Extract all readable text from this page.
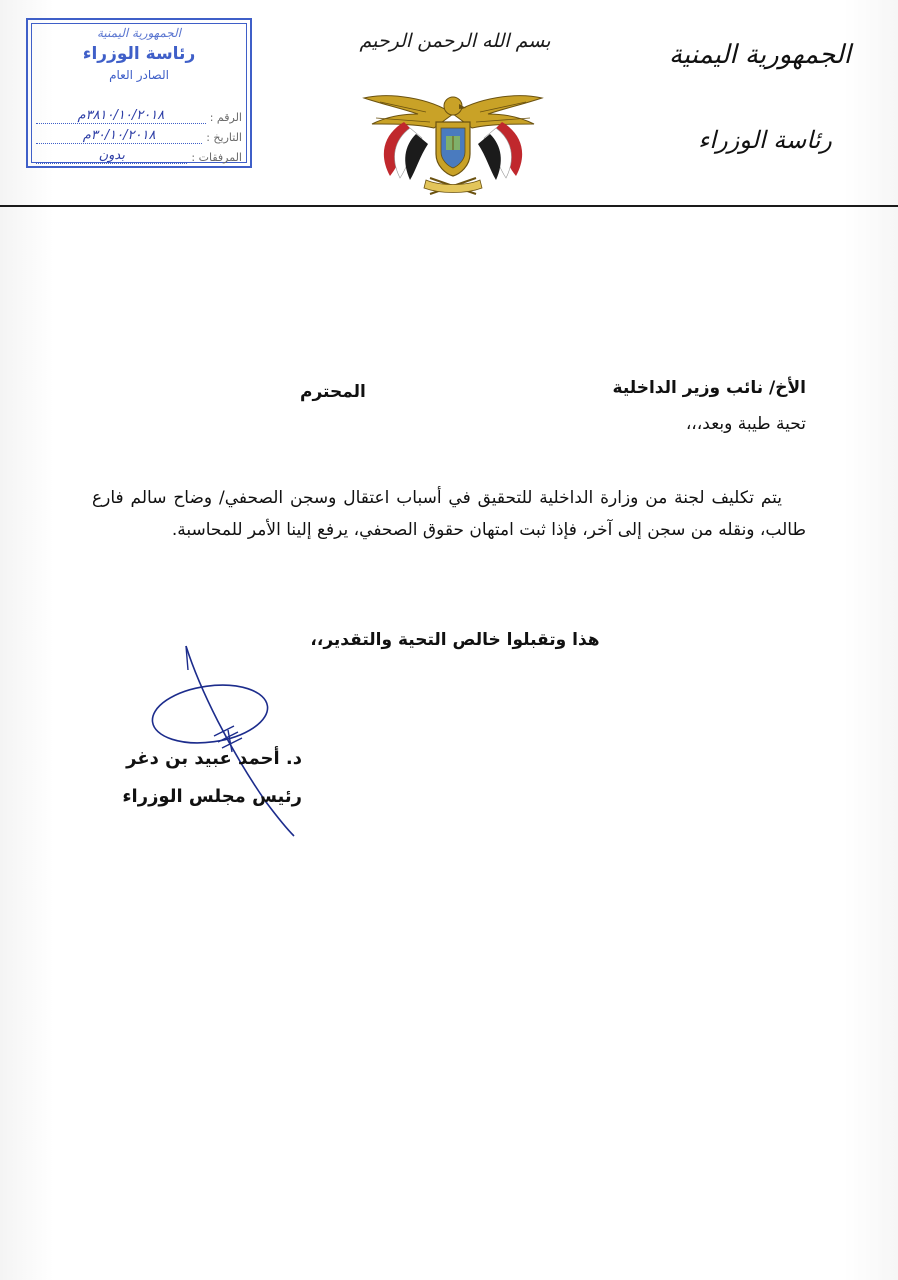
الجمهورية اليمنية
رئاسة الوزراء
الصادر العام
الرقم :
٣٨١٠/١٠/٢٠١٨م
التاريخ :
٣٠/١٠/٢٠١٨م
المرفقات :
بدون
بسم الله الرحمن الرحيم	الجمهورية اليمنية
رئاسة الوزراء
الأخ/ نائب وزير الداخلية
المحترم
تحية طيبة وبعد،،،
يتم تكليف لجنة من وزارة الداخلية للتحقيق في أسباب اعتقال وسجن الصحفي/ وضاح سالم فارع طالب، ونقله من سجن إلى آخر، فإذا ثبت امتهان حقوق الصحفي، يرفع إلينا الأمر للمحاسبة.
هذا وتقبلوا خالص التحية والتقدير،،
د. أحمد عبيد بن دغر
رئيس مجلس الوزراء
